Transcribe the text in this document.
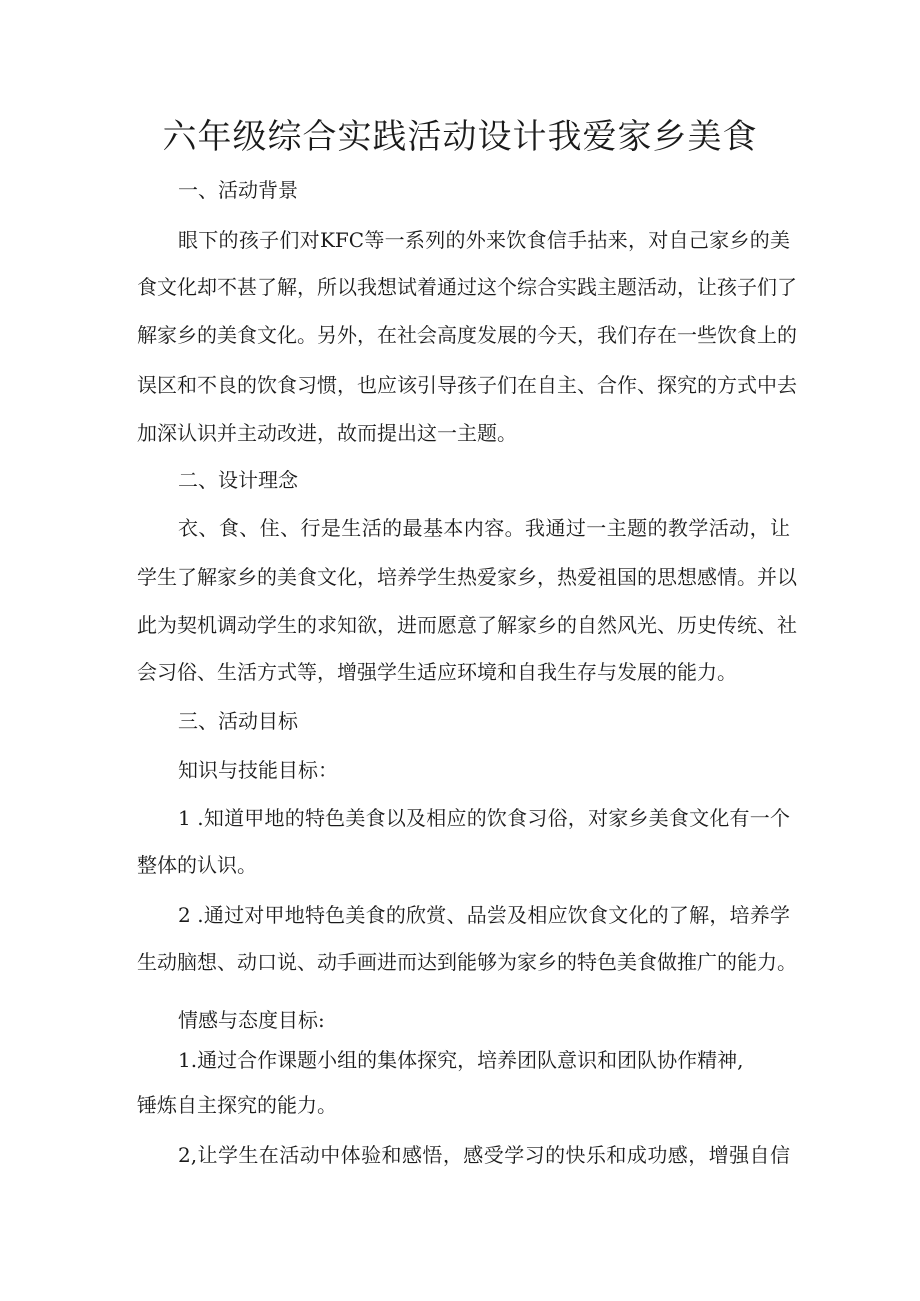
六年级综合实践活动设计我爱家乡美食

一、活动背景

眼下的孩子们对KFC等一系列的外来饮食信手拈来，对自己家乡的美

食文化却不甚了解，所以我想试着通过这个综合实践主题活动，让孩子们了

解家乡的美食文化。另外，在社会高度发展的今天，我们存在一些饮食上的

误区和不良的饮食习惯，也应该引导孩子们在自主、合作、探究的方式中去

加深认识并主动改进，故而提出这一主题。

二、设计理念

衣、食、住、行是生活的最基本内容。我通过一主题的教学活动，让

学生了解家乡的美食文化，培养学生热爱家乡，热爱祖国的思想感情。并以

此为契机调动学生的求知欲，进而愿意了解家乡的自然风光、历史传统、社

会习俗、生活方式等，增强学生适应环境和自我生存与发展的能力。

三、活动目标

知识与技能目标：

1 .知道甲地的特色美食以及相应的饮食习俗，对家乡美食文化有一个

整体的认识。

2 .通过对甲地特色美食的欣赏、品尝及相应饮食文化的了解，培养学

生动脑想、动口说、动手画进而达到能够为家乡的特色美食做推广的能力。

情感与态度目标:

1.通过合作课题小组的集体探究，培养团队意识和团队协作精神,

锤炼自主探究的能力。

2,让学生在活动中体验和感悟，感受学习的快乐和成功感，增强自信
